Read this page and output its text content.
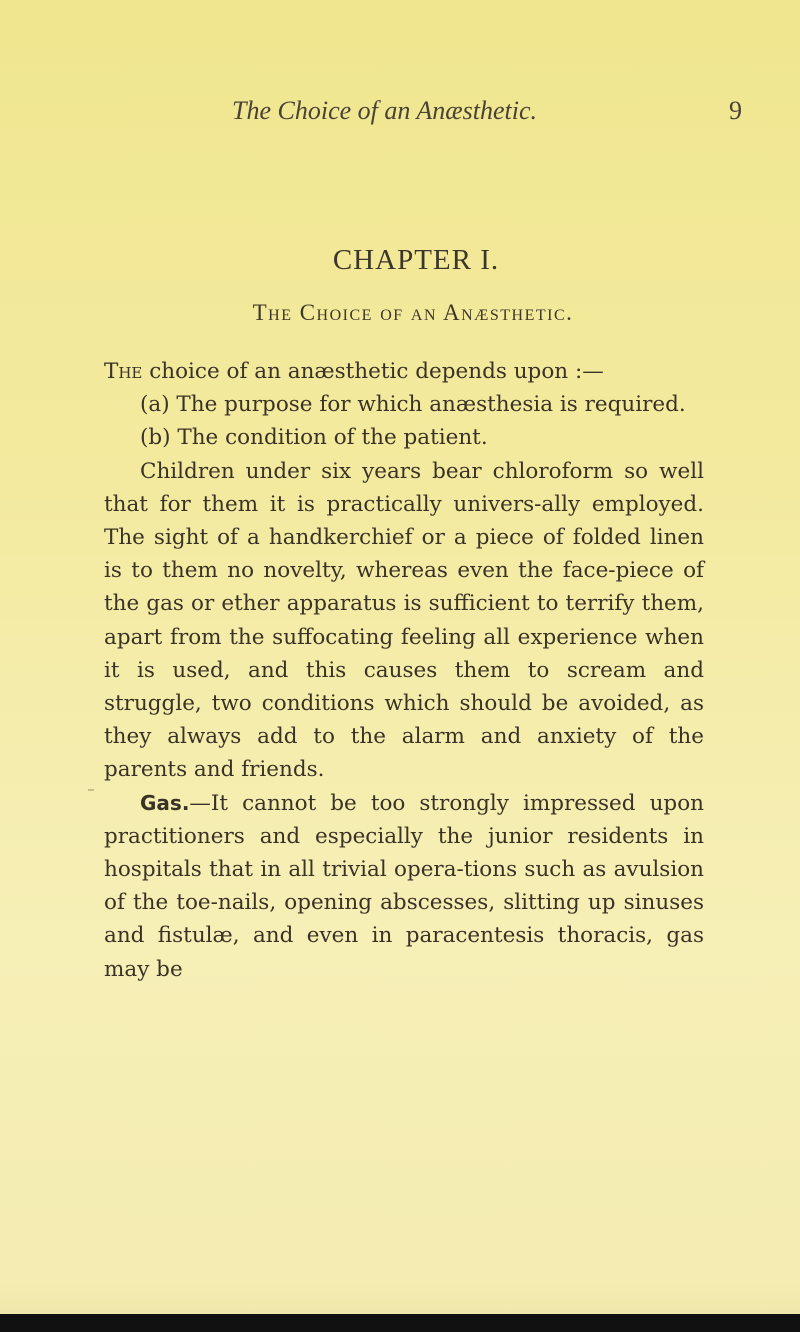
The Choice of an Anæsthetic.	9
CHAPTER I.
The Choice of an Anæsthetic.

The choice of an anæsthetic depends upon :—

(a) The purpose for which anæsthesia is required.

(b) The condition of the patient.

Children under six years bear chloroform so well that for them it is practically univers-ally employed. The sight of a handkerchief or a piece of folded linen is to them no novelty, whereas even the face-piece of the gas or ether apparatus is sufficient to terrify them, apart from the suffocating feeling all experience when it is used, and this causes them to scream and struggle, two conditions which should be avoided, as they always add to the alarm and anxiety of the parents and friends.

Gas.—It cannot be too strongly impressed upon practitioners and especially the junior residents in hospitals that in all trivial opera-tions such as avulsion of the toe-nails, opening abscesses, slitting up sinuses and fistulæ, and even in paracentesis thoracis, gas may be
